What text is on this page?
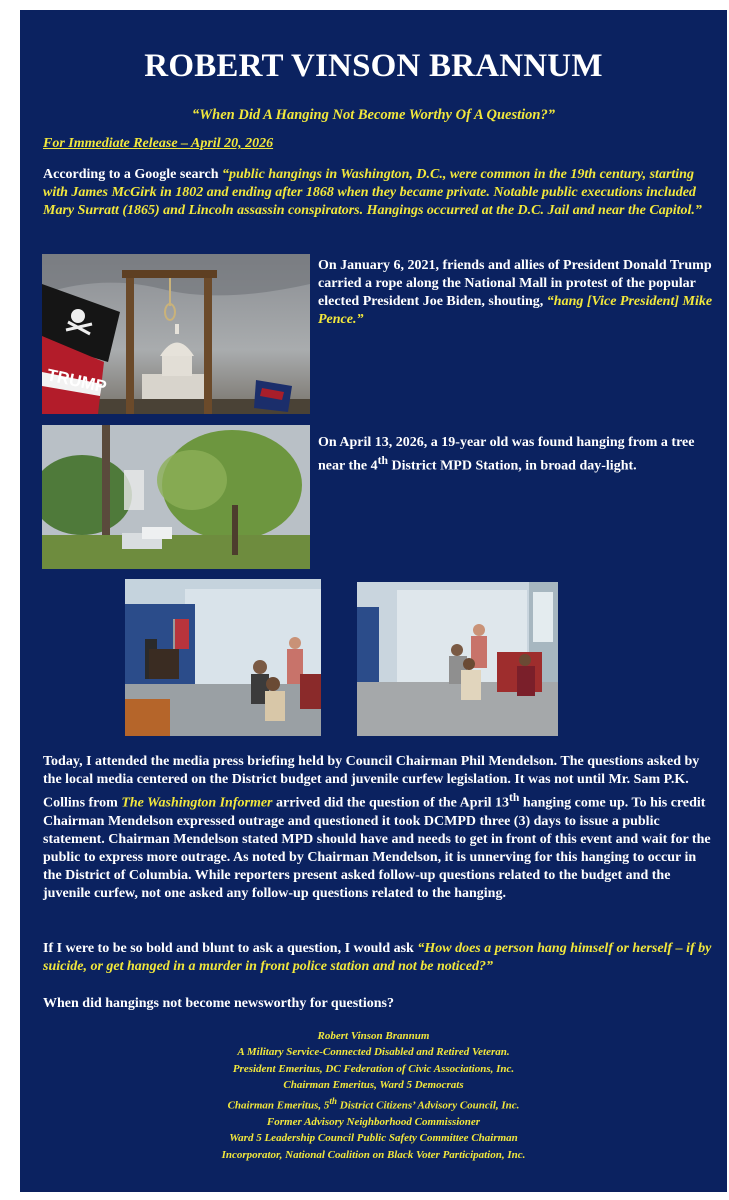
ROBERT VINSON BRANNUM
“When Did A Hanging Not Become Worthy Of A Question?”
For Immediate Release – April 20, 2026
According to a Google search “public hangings in Washington, D.C., were common in the 19th century, starting with James McGirk in 1802 and ending after 1868 when they became private. Notable public executions included Mary Surratt (1865) and Lincoln assassin conspirators. Hangings occurred at the D.C. Jail and near the Capitol.”
TRUMP
On January 6, 2021, friends and allies of President Donald Trump carried a rope along the National Mall in protest of the popular elected President Joe Biden, shouting, “hang [Vice President] Mike Pence.”
On April 13, 2026, a 19-year old was found hanging from a tree near the 4th District MPD Station, in broad day-light.
Today, I attended the media press briefing held by Council Chairman Phil Mendelson. The questions asked by the local media centered on the District budget and juvenile curfew legislation. It was not until Mr. Sam P.K. Collins from The Washington Informer arrived did the question of the April 13th hanging come up. To his credit Chairman Mendelson expressed outrage and questioned it took DCMPD three (3) days to issue a public statement. Chairman Mendelson stated MPD should have and needs to get in front of this event and wait for the public to express more outrage. As noted by Chairman Mendelson, it is unnerving for this hanging to occur in the District of Columbia. While reporters present asked follow-up questions related to the budget and the juvenile curfew, not one asked any follow-up questions related to the hanging.
If I were to be so bold and blunt to ask a question, I would ask “How does a person hang himself or herself – if by suicide, or get hanged in a murder in front police station and not be noticed?”
When did hangings not become newsworthy for questions?
Robert Vinson Brannum
A Military Service-Connected Disabled and Retired Veteran.
President Emeritus, DC Federation of Civic Associations, Inc.
Chairman Emeritus, Ward 5 Democrats
Chairman Emeritus, 5th District Citizens’ Advisory Council, Inc.
Former Advisory Neighborhood Commissioner
Ward 5 Leadership Council Public Safety Committee Chairman
Incorporator, National Coalition on Black Voter Participation, Inc.
